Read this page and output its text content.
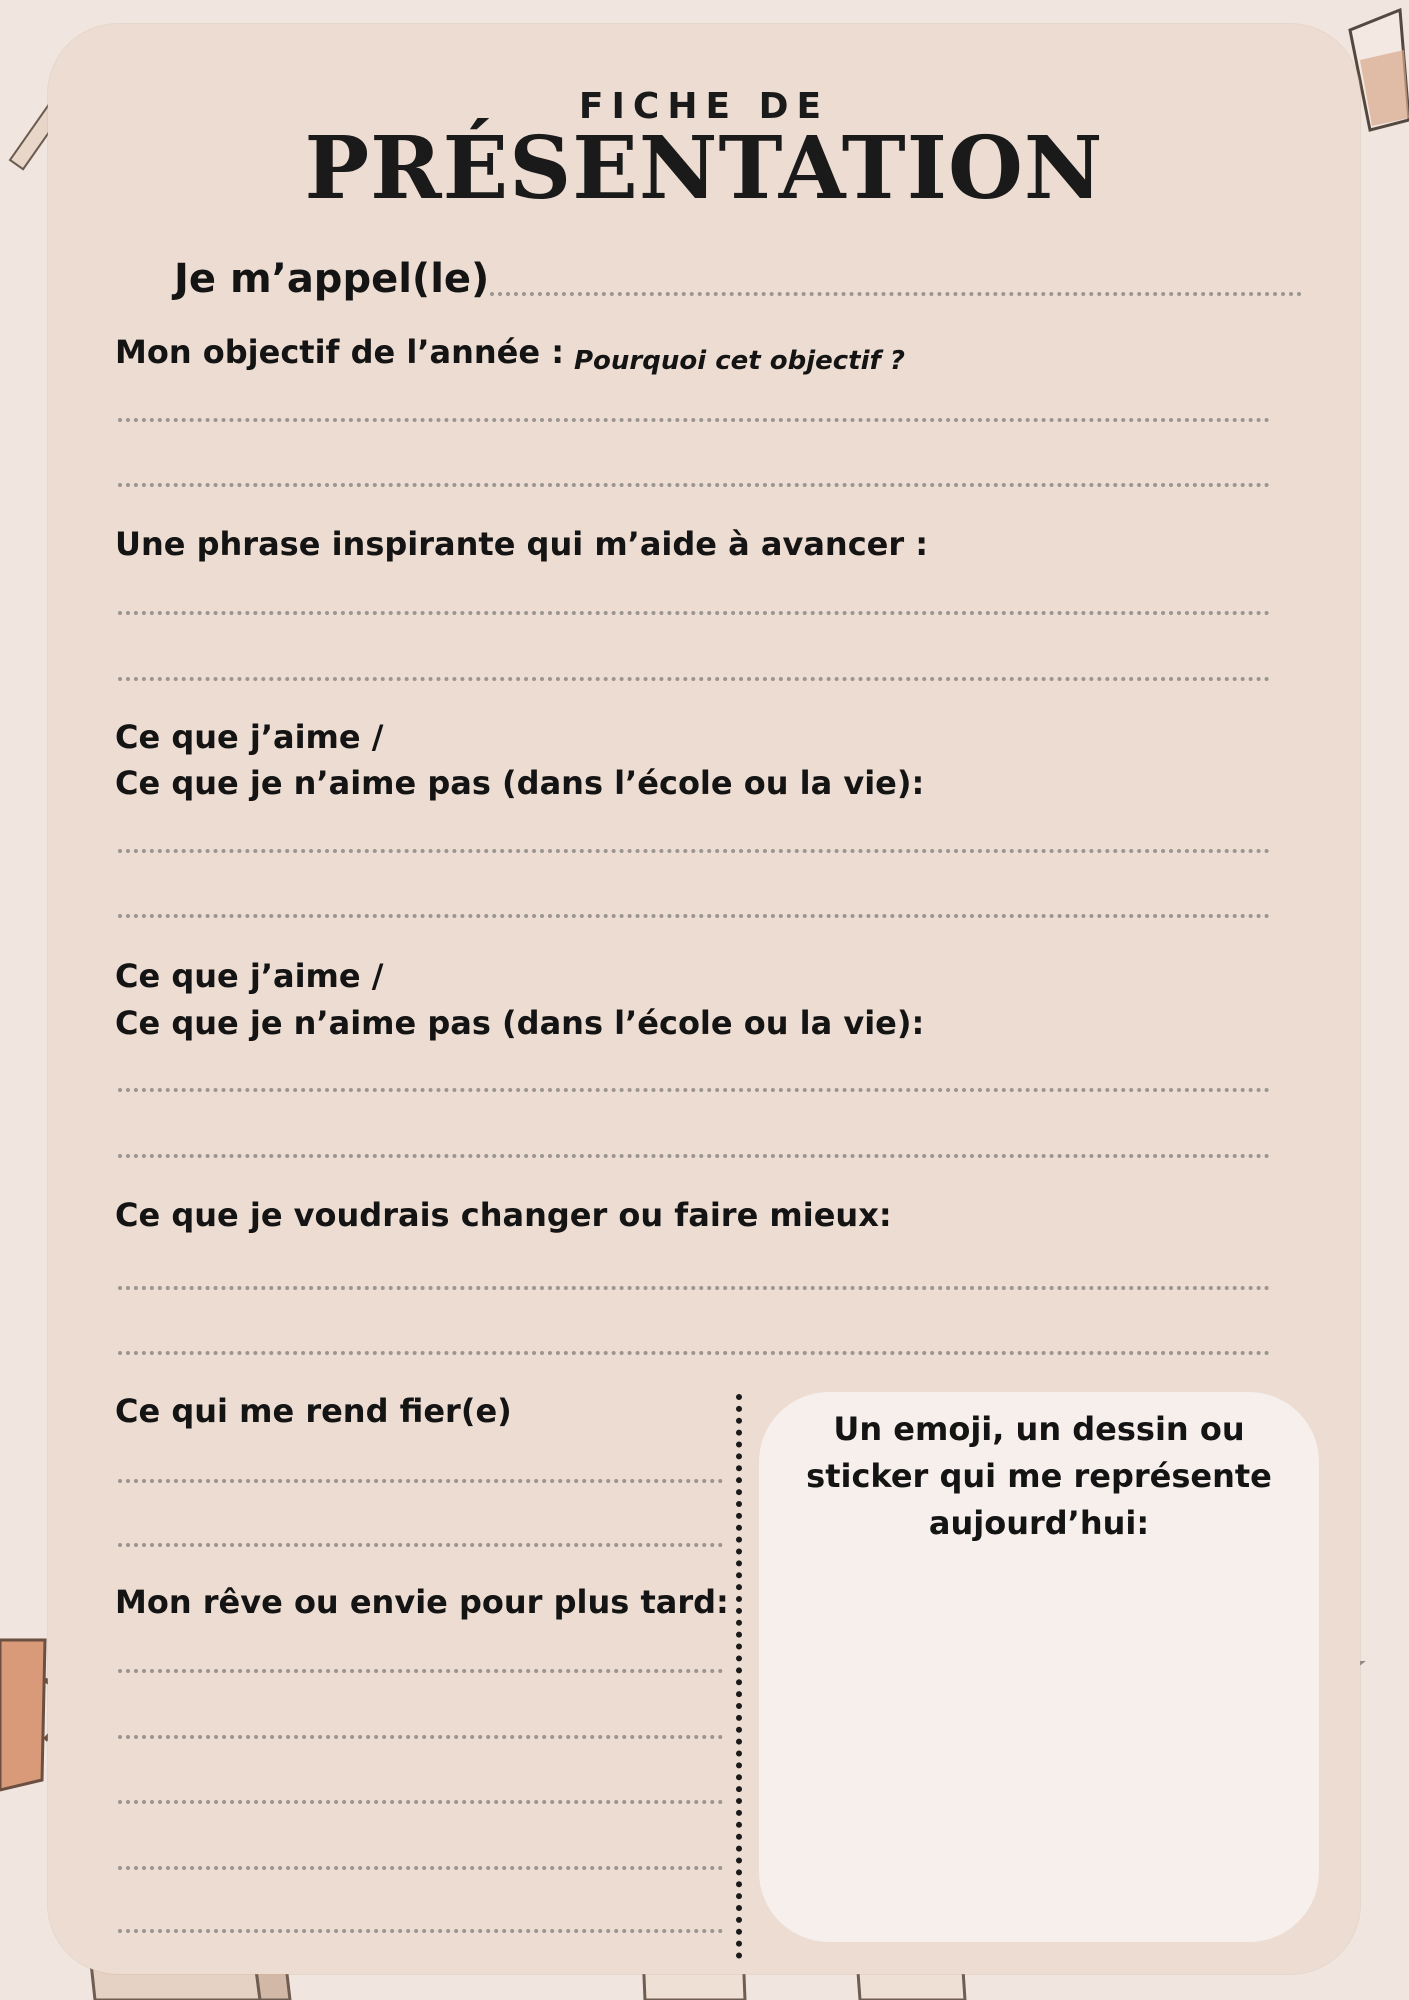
FICHE DE
PRÉSENTATION
Je m’appel(le)
Mon objectif de l’année : Pourquoi cet objectif ?
Une phrase inspirante qui m’aide à avancer :
Ce que j’aime /
Ce que je n’aime pas (dans l’école ou la vie):
Ce que j’aime /
Ce que je n’aime pas (dans l’école ou la vie):
Ce que je voudrais changer ou faire mieux:
Ce qui me rend fier(e)
Mon rêve ou envie pour plus tard:
Un emoji, un dessin ou sticker qui me représente aujourd’hui:
